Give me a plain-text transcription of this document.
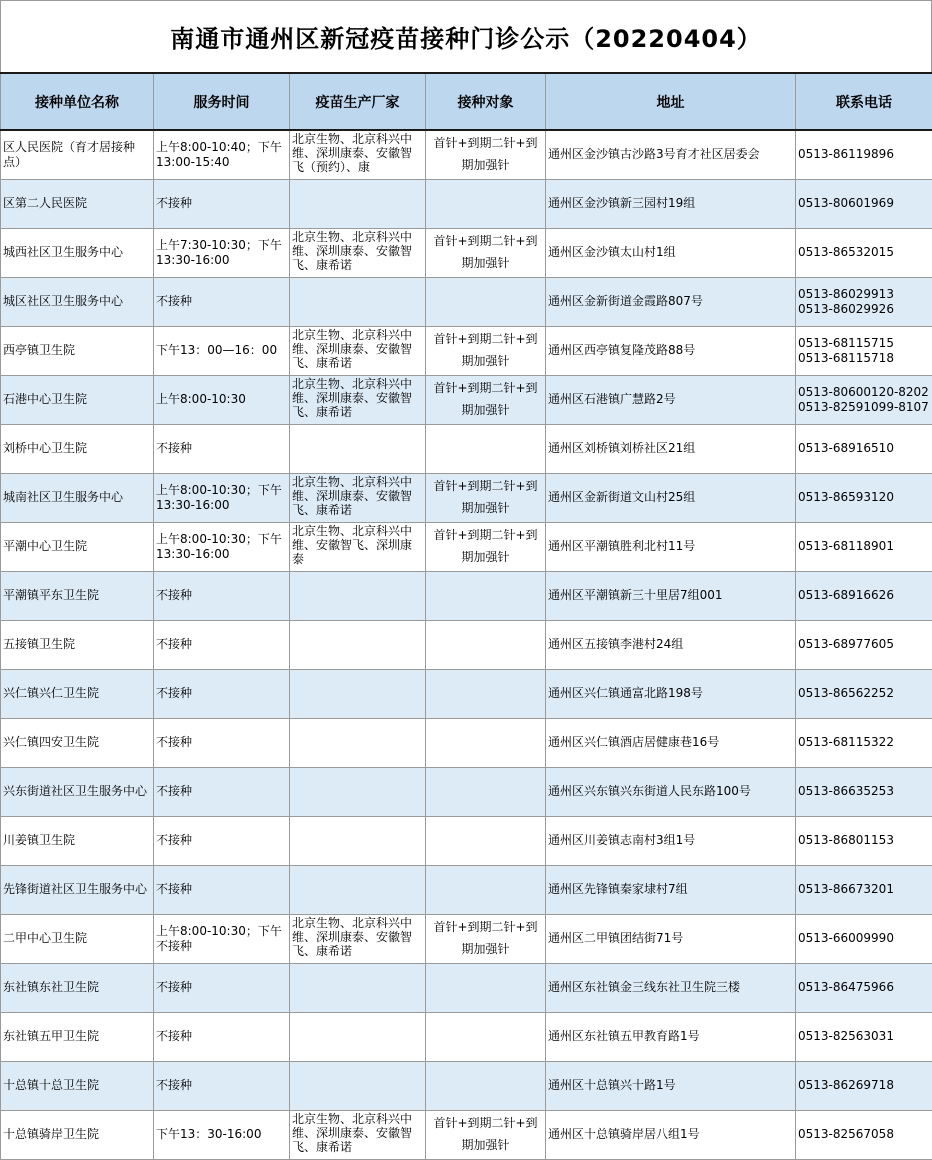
南通市通州区新冠疫苗接种门诊公示（20220404）
接种单位名称	服务时间	疫苗生产厂家	接种对象	地址	联系电话
区人民医院（育才居接种点）	上午8:00-10:40；下午13:00-15:40	北京生物、北京科兴中维、深圳康泰、安徽智飞（预约）、康	首针+到期二针+到期加强针	通州区金沙镇古沙路3号育才社区居委会	0513-86119896
区第二人民医院	不接种			通州区金沙镇新三园村19组	0513-80601969
城西社区卫生服务中心	上午7:30-10:30；下午13:30-16:00	北京生物、北京科兴中维、深圳康泰、安徽智飞、康希诺	首针+到期二针+到期加强针	通州区金沙镇太山村1组	0513-86532015
城区社区卫生服务中心	不接种			通州区金新街道金霞路807号	0513-86029913 0513-86029926
西亭镇卫生院	下午13：00—16：00	北京生物、北京科兴中维、深圳康泰、安徽智飞、康希诺	首针+到期二针+到期加强针	通州区西亭镇复隆茂路88号	0513-68115715 0513-68115718
石港中心卫生院	上午8:00-10:30	北京生物、北京科兴中维、深圳康泰、安徽智飞、康希诺	首针+到期二针+到期加强针	通州区石港镇广慧路2号	0513-80600120-8202 0513-82591099-8107
刘桥中心卫生院	不接种			通州区刘桥镇刘桥社区21组	0513-68916510
城南社区卫生服务中心	上午8:00-10:30；下午13:30-16:00	北京生物、北京科兴中维、深圳康泰、安徽智飞、康希诺	首针+到期二针+到期加强针	通州区金新街道文山村25组	0513-86593120
平潮中心卫生院	上午8:00-10:30；下午13:30-16:00	北京生物、北京科兴中维、安徽智飞、深圳康泰	首针+到期二针+到期加强针	通州区平潮镇胜利北村11号	0513-68118901
平潮镇平东卫生院	不接种			通州区平潮镇新三十里居7组001	0513-68916626
五接镇卫生院	不接种			通州区五接镇李港村24组	0513-68977605
兴仁镇兴仁卫生院	不接种			通州区兴仁镇通富北路198号	0513-86562252
兴仁镇四安卫生院	不接种			通州区兴仁镇酒店居健康巷16号	0513-68115322
兴东街道社区卫生服务中心	不接种			通州区兴东镇兴东街道人民东路100号	0513-86635253
川姜镇卫生院	不接种			通州区川姜镇志南村3组1号	0513-86801153
先锋街道社区卫生服务中心	不接种			通州区先锋镇秦家埭村7组	0513-86673201
二甲中心卫生院	上午8:00-10:30；下午不接种	北京生物、北京科兴中维、深圳康泰、安徽智飞、康希诺	首针+到期二针+到期加强针	通州区二甲镇团结街71号	0513-66009990
东社镇东社卫生院	不接种			通州区东社镇金三线东社卫生院三楼	0513-86475966
东社镇五甲卫生院	不接种			通州区东社镇五甲教育路1号	0513-82563031
十总镇十总卫生院	不接种			通州区十总镇兴十路1号	0513-86269718
十总镇骑岸卫生院	下午13：30-16:00	北京生物、北京科兴中维、深圳康泰、安徽智飞、康希诺	首针+到期二针+到期加强针	通州区十总镇骑岸居八组1号	0513-82567058
